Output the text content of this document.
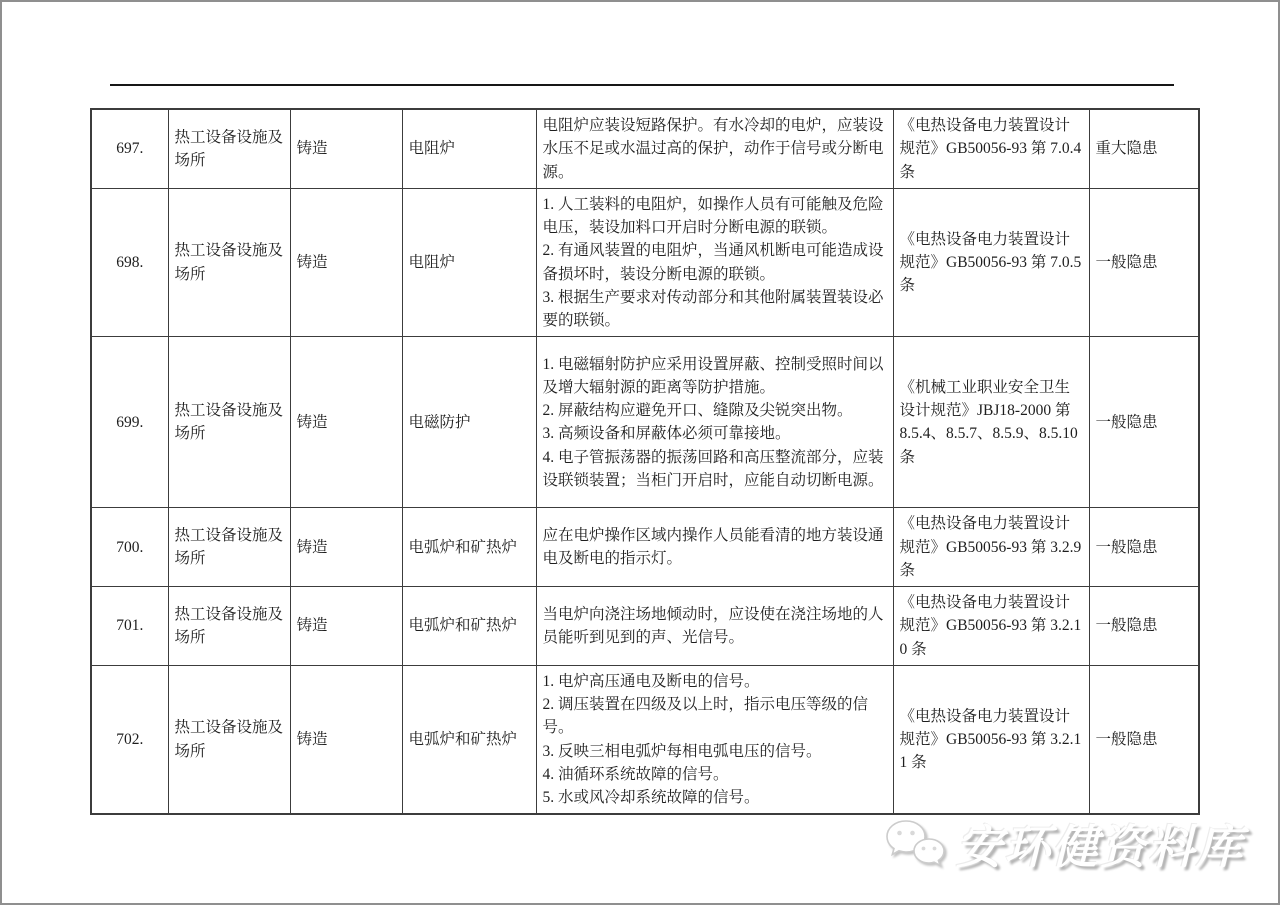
697.	热工设备设施及场所	铸造	电阻炉	电阻炉应装设短路保护。有水冷却的电炉，应装设水压不足或水温过高的保护，动作于信号或分断电源。	《电热设备电力装置设计规范》GB50056-93 第 7.0.4 条	重大隐患
698.	热工设备设施及场所	铸造	电阻炉	1. 人工装料的电阻炉，如操作人员有可能触及危险电压，装设加料口开启时分断电源的联锁。
2. 有通风装置的电阻炉，当通风机断电可能造成设备损坏时，装设分断电源的联锁。
3. 根据生产要求对传动部分和其他附属装置装设必要的联锁。	《电热设备电力装置设计规范》GB50056-93 第 7.0.5 条	一般隐患
699.	热工设备设施及场所	铸造	电磁防护	1. 电磁辐射防护应采用设置屏蔽、控制受照时间以及增大辐射源的距离等防护措施。
2. 屏蔽结构应避免开口、缝隙及尖锐突出物。
3. 高频设备和屏蔽体必须可靠接地。
4. 电子管振荡器的振荡回路和高压整流部分，应装设联锁装置；当柜门开启时，应能自动切断电源。	《机械工业职业安全卫生设计规范》JBJ18-2000 第 8.5.4、8.5.7、8.5.9、8.5.10 条	一般隐患
700.	热工设备设施及场所	铸造	电弧炉和矿热炉	应在电炉操作区域内操作人员能看清的地方装设通电及断电的指示灯。	《电热设备电力装置设计规范》GB50056-93 第 3.2.9 条	一般隐患
701.	热工设备设施及场所	铸造	电弧炉和矿热炉	当电炉向浇注场地倾动时，应设使在浇注场地的人员能听到见到的声、光信号。	《电热设备电力装置设计规范》GB50056-93 第 3.2.10 条	一般隐患
702.	热工设备设施及场所	铸造	电弧炉和矿热炉	1. 电炉高压通电及断电的信号。
2. 调压装置在四级及以上时，指示电压等级的信号。
3. 反映三相电弧炉每相电弧电压的信号。
4. 油循环系统故障的信号。
5. 水或风冷却系统故障的信号。	《电热设备电力装置设计规范》GB50056-93 第 3.2.11 条	一般隐患
安环健资料库
